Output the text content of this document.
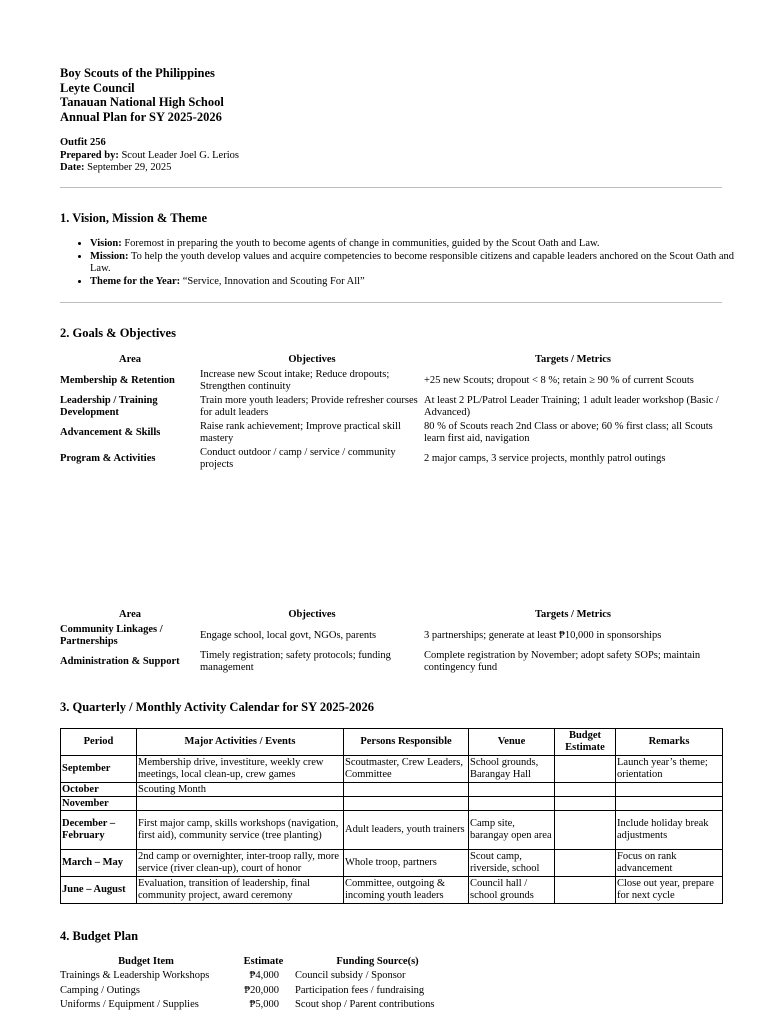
Boy Scouts of the Philippines
Leyte Council
Tanauan National High School
Annual Plan for SY 2025-2026
Outfit 256
Prepared by: Scout Leader Joel G. Lerios
Date: September 29, 2025
1. Vision, Mission & Theme
• Vision: Foremost in preparing the youth to become agents of change in communities, guided by the Scout Oath and Law.
• Mission: To help the youth develop values and acquire competencies to become responsible citizens and capable leaders anchored on the Scout Oath and Law.
• Theme for the Year: “Service, Innovation and Scouting For All”
2. Goals & Objectives
Area	Objectives	Targets / Metrics
Membership & Retention	Increase new Scout intake; Reduce dropouts; Strengthen continuity	+25 new Scouts; dropout < 8 %; retain ≥ 90 % of current Scouts
Leadership / Training Development	Train more youth leaders; Provide refresher courses for adult leaders	At least 2 PL/Patrol Leader Training; 1 adult leader workshop (Basic / Advanced)
Advancement & Skills	Raise rank achievement; Improve practical skill mastery	80 % of Scouts reach 2nd Class or above; 60 % first class; all Scouts learn first aid, navigation
Program & Activities	Conduct outdoor / camp / service / community projects	2 major camps, 3 service projects, monthly patrol outings
Area	Objectives	Targets / Metrics
Community Linkages / Partnerships	Engage school, local govt, NGOs, parents	3 partnerships; generate at least ₱10,000 in sponsorships
Administration & Support	Timely registration; safety protocols; funding management	Complete registration by November; adopt safety SOPs; maintain contingency fund
3. Quarterly / Monthly Activity Calendar for SY 2025-2026
Period	Major Activities / Events	Persons Responsible	Venue	Budget Estimate	Remarks
September	Membership drive, investiture, weekly crew meetings, local clean-up, crew games	Scoutmaster, Crew Leaders, Committee	School grounds, Barangay Hall		Launch year’s theme; orientation
October	Scouting Month				
November					
December – February	First major camp, skills workshops (navigation, first aid), community service (tree planting)	Adult leaders, youth trainers	Camp site, barangay open area		Include holiday break adjustments
March – May	2nd camp or overnighter, inter-troop rally, more service (river clean-up), court of honor	Whole troop, partners	Scout camp, riverside, school		Focus on rank advancement
June – August	Evaluation, transition of leadership, final community project, award ceremony	Committee, outgoing & incoming youth leaders	Council hall / school grounds		Close out year, prepare for next cycle
4. Budget Plan
Budget Item	Estimate	Funding Source(s)
Trainings & Leadership Workshops	₱4,000	Council subsidy / Sponsor
Camping / Outings	₱20,000	Participation fees / fundraising
Uniforms / Equipment / Supplies	₱5,000	Scout shop / Parent contributions
